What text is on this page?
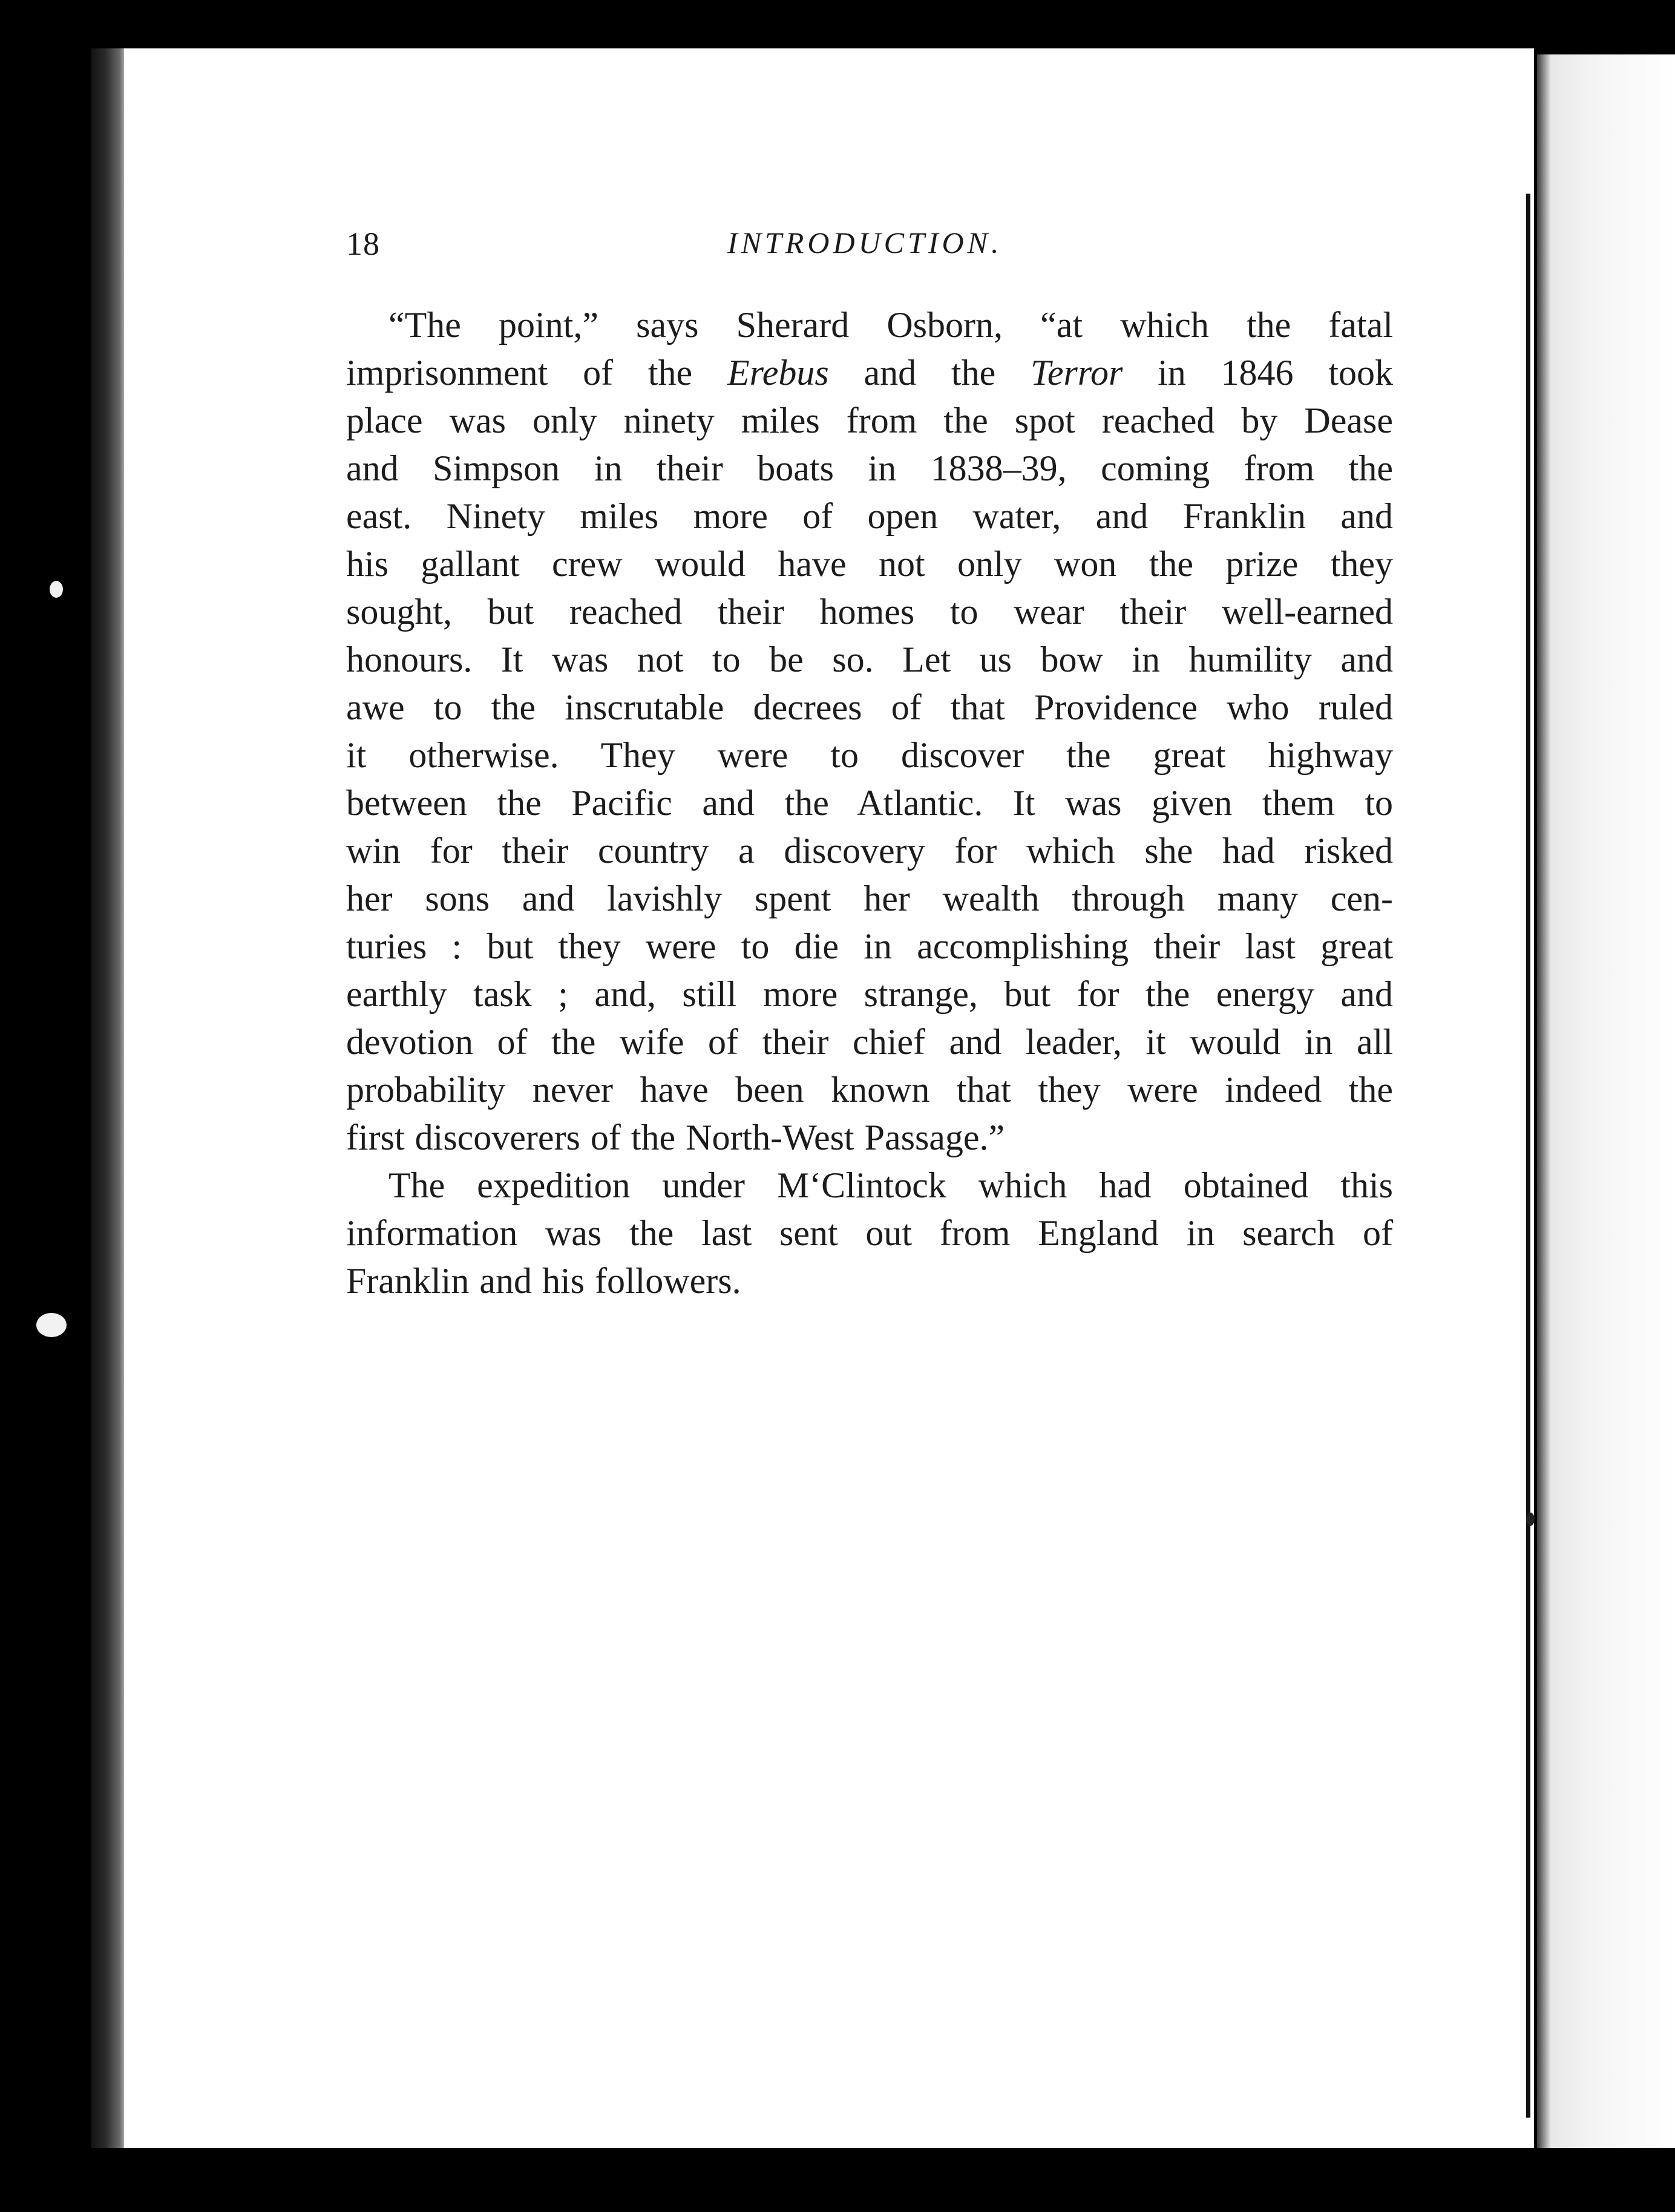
18	INTRODUCTION.

“The point,” says Sherard Osborn, “at which the fatal
imprisonment of the Erebus and the Terror in 1846 took
place was only ninety miles from the spot reached by Dease
and Simpson in their boats in 1838–39, coming from the
east. Ninety miles more of open water, and Franklin and
his gallant crew would have not only won the prize they
sought, but reached their homes to wear their well-earned
honours. It was not to be so. Let us bow in humility and
awe to the inscrutable decrees of that Providence who ruled
it otherwise. They were to discover the great highway
between the Pacific and the Atlantic. It was given them to
win for their country a discovery for which she had risked
her sons and lavishly spent her wealth through many cen-
turies : but they were to die in accomplishing their last great
earthly task ; and, still more strange, but for the energy and
devotion of the wife of their chief and leader, it would in all
probability never have been known that they were indeed the
first discoverers of the North-West Passage.”

The expedition under M‘Clintock which had obtained this
information was the last sent out from England in search of
Franklin and his followers.
